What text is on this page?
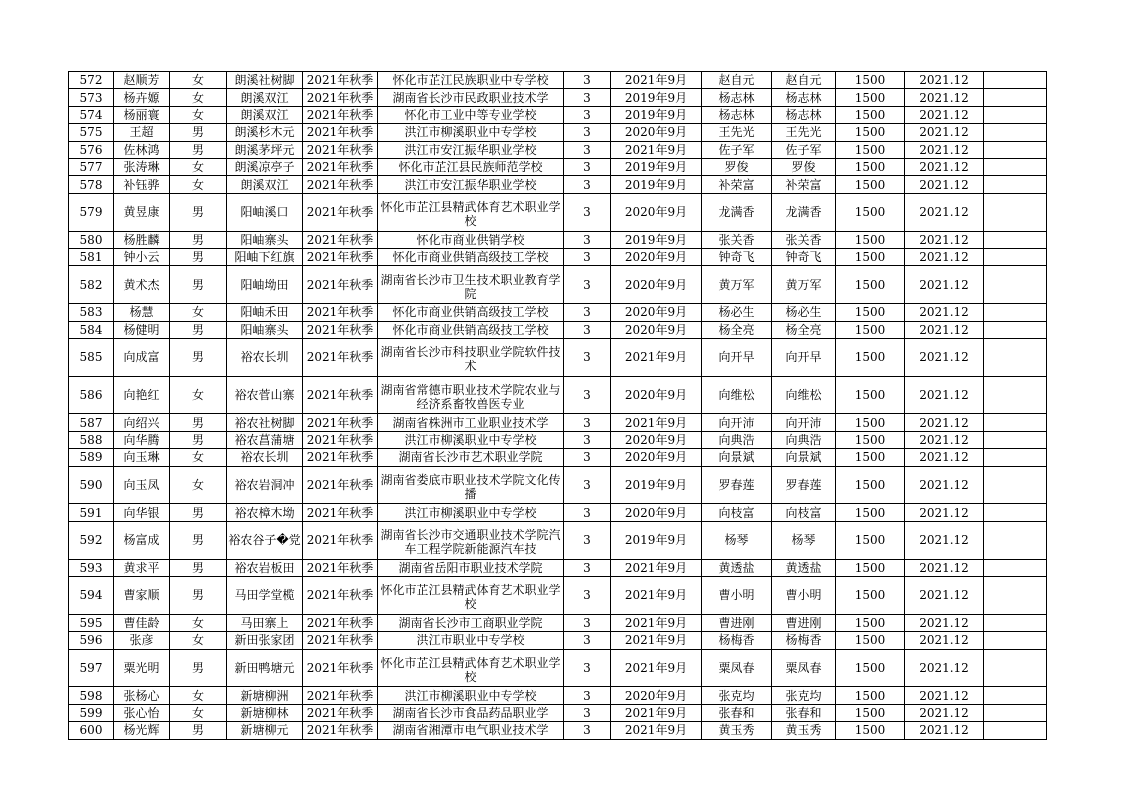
572	赵顺芳	女	朗溪社树脚	2021年秋季	怀化市芷江民族职业中专学校	3	2021年9月	赵自元	赵自元	1500	2021.12	
573	杨卉嫄	女	朗溪双江	2021年秋季	湖南省长沙市民政职业技术学	3	2019年9月	杨志林	杨志林	1500	2021.12	
574	杨丽寰	女	朗溪双江	2021年秋季	怀化市工业中等专业学校	3	2019年9月	杨志林	杨志林	1500	2021.12	
575	王超	男	朗溪杉木元	2021年秋季	洪江市柳溪职业中专学校	3	2020年9月	王先光	王先光	1500	2021.12	
576	佐林鸿	男	朗溪茅坪元	2021年秋季	洪江市安江振华职业学校	3	2021年9月	佐子军	佐子军	1500	2021.12	
577	张涛琳	女	朗溪凉亭子	2021年秋季	怀化市芷江县民族师范学校	3	2019年9月	罗俊	罗俊	1500	2021.12	
578	补钰骅	女	朗溪双江	2021年秋季	洪江市安江振华职业学校	3	2019年9月	补荣富	补荣富	1500	2021.12	
579	黄昱康	男	阳岫溪口	2021年秋季	怀化市芷江县精武体育艺术职业学校	3	2020年9月	龙满香	龙满香	1500	2021.12	
580	杨胜麟	男	阳岫寨头	2021年秋季	怀化市商业供销学校	3	2019年9月	张关香	张关香	1500	2021.12	
581	钟小云	男	阳岫下红旗	2021年秋季	怀化市商业供销高级技工学校	3	2020年9月	钟奇飞	钟奇飞	1500	2021.12	
582	黄术杰	男	阳岫坳田	2021年秋季	湖南省长沙市卫生技术职业教育学院	3	2020年9月	黄万军	黄万军	1500	2021.12	
583	杨慧	女	阳岫禾田	2021年秋季	怀化市商业供销高级技工学校	3	2020年9月	杨必生	杨必生	1500	2021.12	
584	杨健明	男	阳岫寨头	2021年秋季	怀化市商业供销高级技工学校	3	2020年9月	杨全亮	杨全亮	1500	2021.12	
585	向成富	男	裕农长圳	2021年秋季	湖南省长沙市科技职业学院软件技术	3	2021年9月	向开早	向开早	1500	2021.12	
586	向艳红	女	裕农菅山寨	2021年秋季	湖南省常德市职业技术学院农业与经济系畜牧兽医专业	3	2020年9月	向维松	向维松	1500	2021.12	
587	向绍兴	男	裕农社树脚	2021年秋季	湖南省株洲市工业职业技术学	3	2021年9月	向开沛	向开沛	1500	2021.12	
588	向华腾	男	裕农菖蒲塘	2021年秋季	洪江市柳溪职业中专学校	3	2020年9月	向典浩	向典浩	1500	2021.12	
589	向玉琳	女	裕农长圳	2021年秋季	湖南省长沙市艺术职业学院	3	2020年9月	向景斌	向景斌	1500	2021.12	
590	向玉凤	女	裕农岩洞冲	2021年秋季	湖南省娄底市职业技术学院文化传播	3	2019年9月	罗春莲	罗春莲	1500	2021.12	
591	向华银	男	裕农樟木坳	2021年秋季	洪江市柳溪职业中专学校	3	2020年9月	向枝富	向枝富	1500	2021.12	
592	杨富成	男	裕农谷子�党	2021年秋季	湖南省长沙市交通职业技术学院汽车工程学院新能源汽车技	3	2019年9月	杨琴	杨琴	1500	2021.12	
593	黄求平	男	裕农岩板田	2021年秋季	湖南省岳阳市职业技术学院	3	2021年9月	黄透盐	黄透盐	1500	2021.12	
594	曹家顺	男	马田学堂榄	2021年秋季	怀化市芷江县精武体育艺术职业学校	3	2021年9月	曹小明	曹小明	1500	2021.12	
595	曹佳龄	女	马田寨上	2021年秋季	湖南省长沙市工商职业学院	3	2021年9月	曹进刚	曹进刚	1500	2021.12	
596	张彦	女	新田张家团	2021年秋季	洪江市职业中专学校	3	2021年9月	杨梅香	杨梅香	1500	2021.12	
597	粟光明	男	新田鸭塘元	2021年秋季	怀化市芷江县精武体育艺术职业学校	3	2021年9月	粟凤春	粟凤春	1500	2021.12	
598	张杨心	女	新塘柳洲	2021年秋季	洪江市柳溪职业中专学校	3	2020年9月	张克均	张克均	1500	2021.12	
599	张心怡	女	新塘柳林	2021年秋季	湖南省长沙市食品药品职业学	3	2021年9月	张春和	张春和	1500	2021.12	
600	杨光辉	男	新塘柳元	2021年秋季	湖南省湘潭市电气职业技术学	3	2021年9月	黄玉秀	黄玉秀	1500	2021.12	
